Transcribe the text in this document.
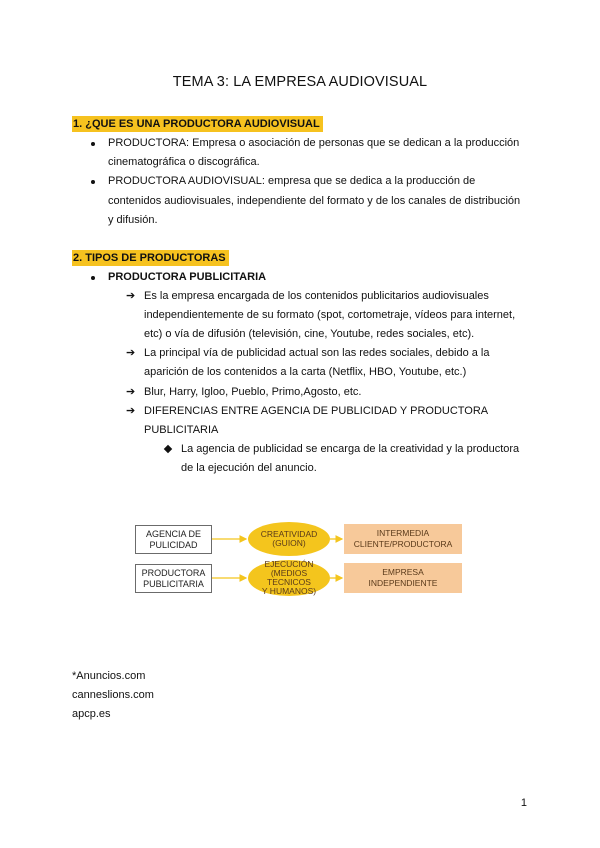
TEMA 3: LA EMPRESA AUDIOVISUAL
1. ¿QUE ES UNA PRODUCTORA AUDIOVISUAL
PRODUCTORA: Empresa o asociación de personas que se dedican a la producción
cinematográfica o discográfica.
PRODUCTORA AUDIOVISUAL: empresa que se dedica a la producción de
contenidos audiovisuales, independiente del formato y de los canales de distribución
y difusión.
2. TIPOS DE PRODUCTORAS
PRODUCTORA PUBLICITARIA
➔ Es la empresa encargada de los contenidos publicitarios audiovisuales
independientemente de su formato (spot, cortometraje, vídeos para internet,
etc) o vía de difusión (televisión, cine, Youtube, redes sociales, etc).
➔ La principal vía de publicidad actual son las redes sociales, debido a la
aparición de los contenidos a la carta (Netflix, HBO, Youtube, etc.)
➔ Blur, Harry, Igloo, Pueblo, Primo,Agosto, etc.
➔ DIFERENCIAS ENTRE AGENCIA DE PUBLICIDAD Y PRODUCTORA
PUBLICITARIA
La agencia de publicidad se encarga de la creatividad y la productora
de la ejecución del anuncio.
AGENCIA DE
PULICIDAD
CREATIVIDAD
(GUION)
INTERMEDIA
CLIENTE/PRODUCTORA
PRODUCTORA
PUBLICITARIA
EJECUCIÓN
(MEDIOS TECNICOS
Y HUMANOS)
EMPRESA
INDEPENDIENTE
*Anuncios.com
canneslions.com
apcp.es
1
